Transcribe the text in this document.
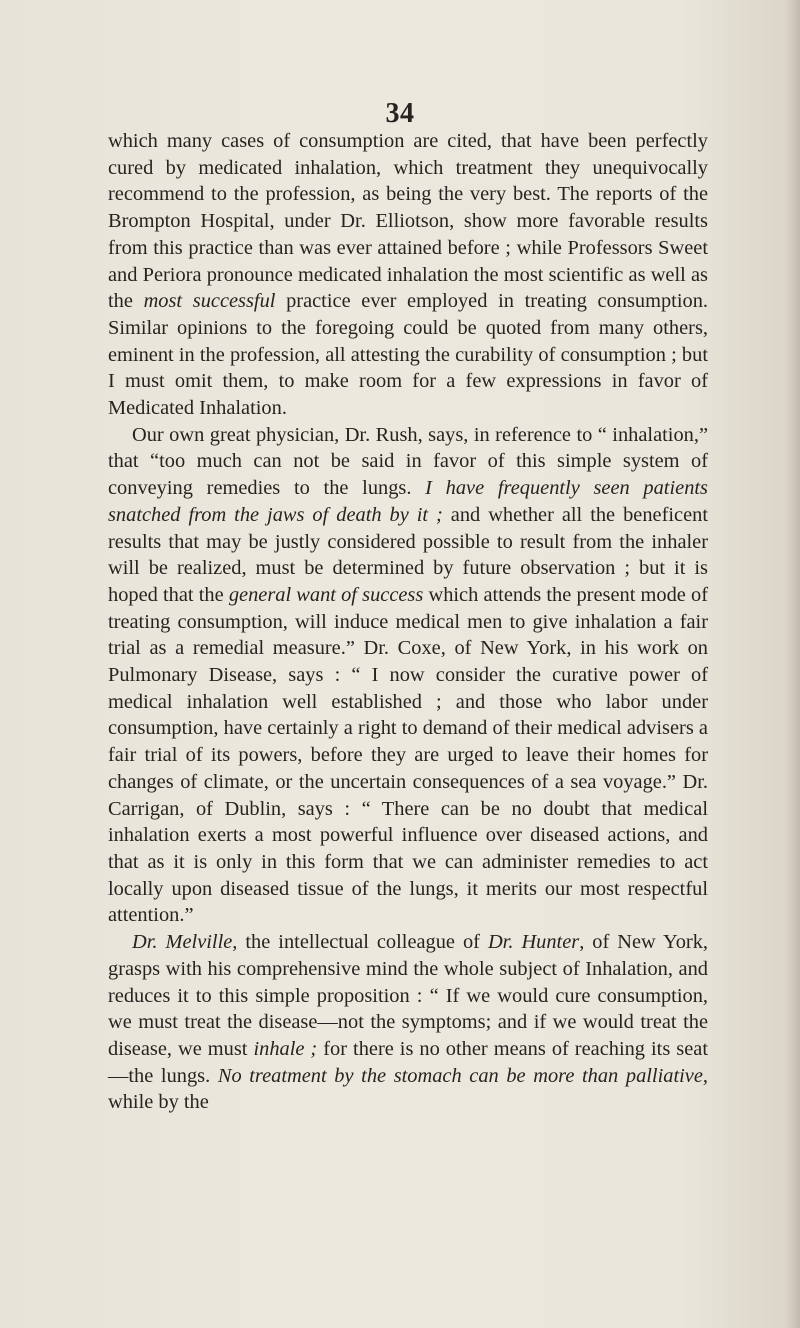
34

which many cases of consumption are cited, that have been perfectly cured by medicated inhalation, which treatment they unequivocally recommend to the profession, as being the very best. The reports of the Brompton Hospital, under Dr. Elliotson, show more favorable results from this practice than was ever attained before ; while Professors Sweet and Periora pronounce medicated inhalation the most scientific as well as the most successful practice ever employed in treating consumption. Similar opinions to the foregoing could be quoted from many others, eminent in the profession, all attesting the curability of consumption ; but I must omit them, to make room for a few expressions in favor of Medicated Inhalation.

Our own great physician, Dr. Rush, says, in reference to “ inhalation,” that “too much can not be said in favor of this simple system of conveying remedies to the lungs. I have frequently seen patients snatched from the jaws of death by it ; and whether all the beneficent results that may be justly considered possible to result from the inhaler will be realized, must be determined by future observation ; but it is hoped that the general want of success which attends the present mode of treating consumption, will induce medical men to give inhalation a fair trial as a remedial measure.” Dr. Coxe, of New York, in his work on Pulmonary Disease, says : “ I now consider the curative power of medical inhalation well established ; and those who labor under consumption, have certainly a right to demand of their medical advisers a fair trial of its powers, before they are urged to leave their homes for changes of climate, or the uncertain consequences of a sea voyage.” Dr. Carrigan, of Dublin, says : “ There can be no doubt that medical inhalation exerts a most powerful influence over diseased actions, and that as it is only in this form that we can administer remedies to act locally upon diseased tissue of the lungs, it merits our most respectful attention.”

Dr. Melville, the intellectual colleague of Dr. Hunter, of New York, grasps with his comprehensive mind the whole subject of Inhalation, and reduces it to this simple proposition : “ If we would cure consumption, we must treat the disease—not the symptoms; and if we would treat the disease, we must inhale ; for there is no other means of reaching its seat—the lungs. No treatment by the stomach can be more than palliative, while by the
